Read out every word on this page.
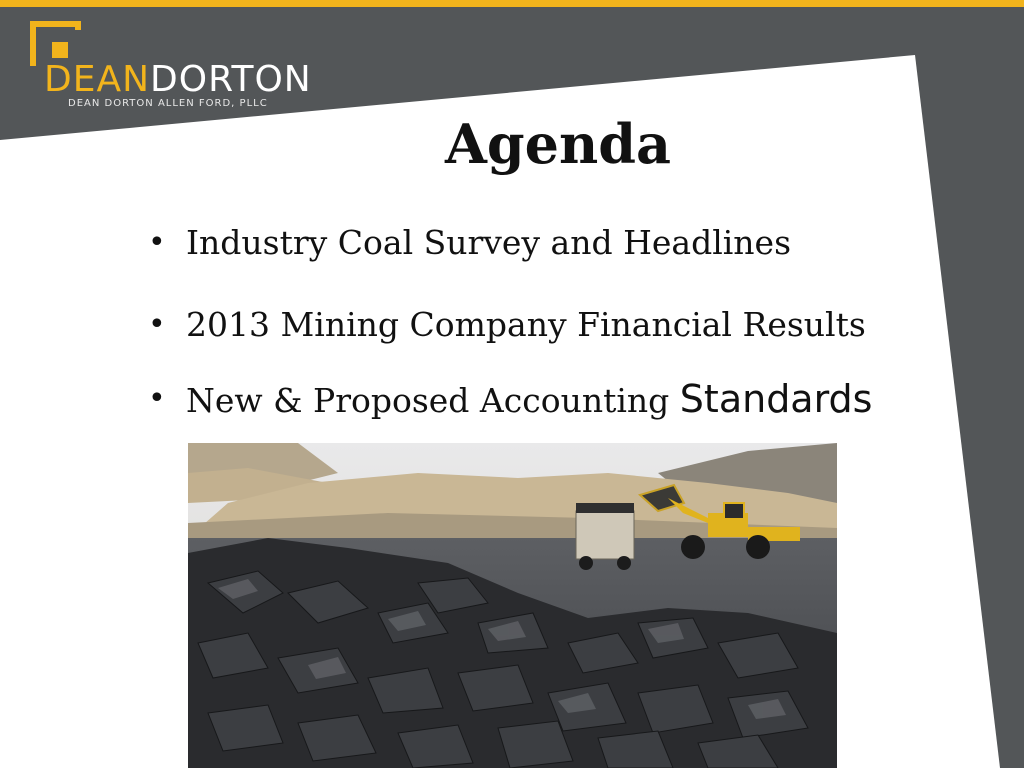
DEANDORTON
DEAN DORTON ALLEN FORD, PLLC
Agenda
• Industry Coal Survey and Headlines
• 2013 Mining Company Financial Results
• New & Proposed Accounting Standards
